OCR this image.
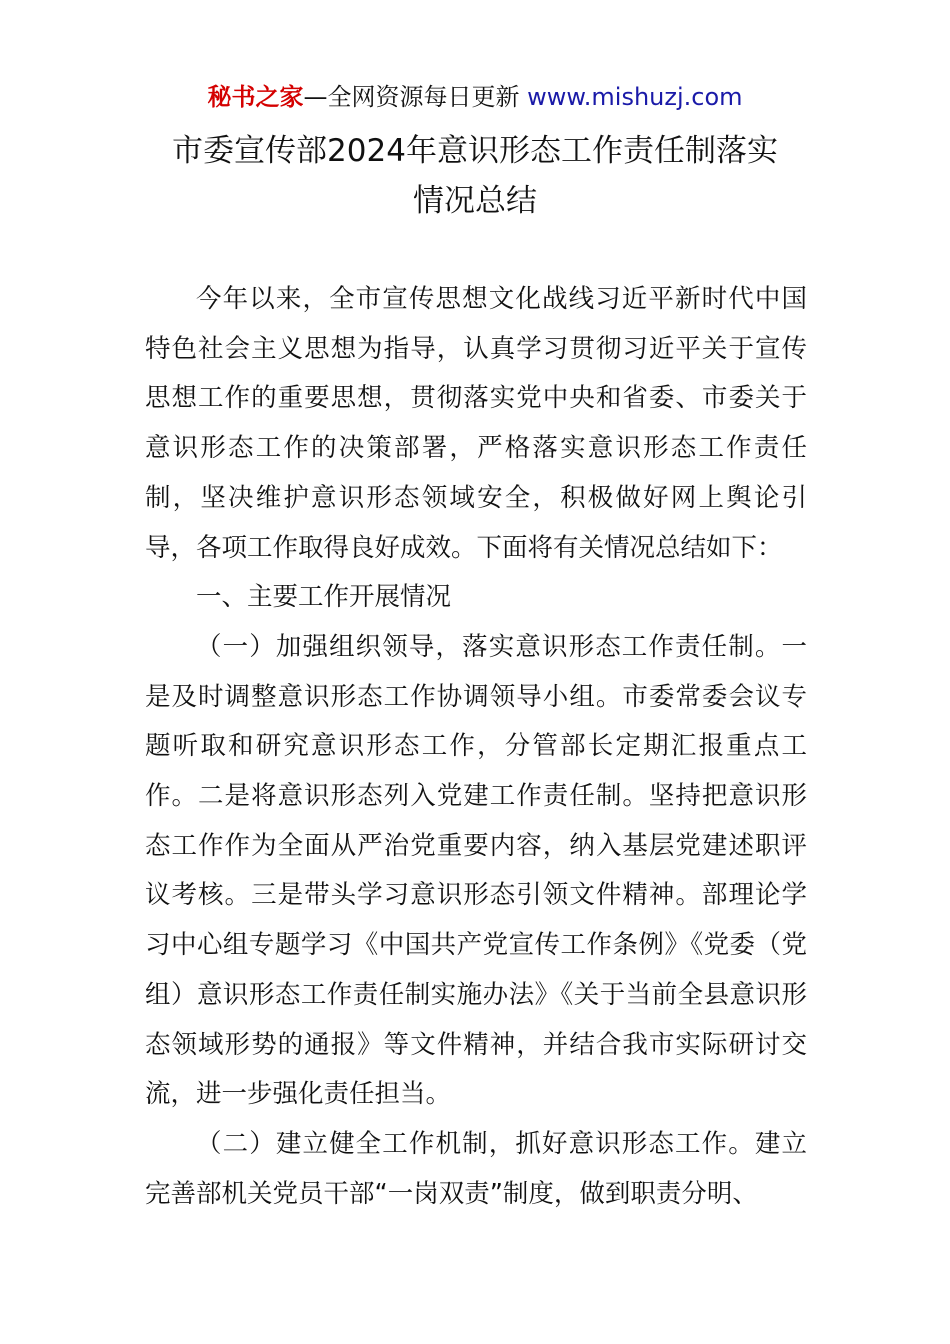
秘书之家—全网资源每日更新 www.mishuzj.com
市委宣传部2024年意识形态工作责任制落实
情况总结

今年以来，全市宣传思想文化战线习近平新时代中国特色社会主义思想为指导，认真学习贯彻习近平关于宣传思想工作的重要思想，贯彻落实党中央和省委、市委关于意识形态工作的决策部署，严格落实意识形态工作责任制，坚决维护意识形态领域安全，积极做好网上舆论引导，各项工作取得良好成效。下面将有关情况总结如下：

一、主要工作开展情况

（一）加强组织领导，落实意识形态工作责任制。一是及时调整意识形态工作协调领导小组。市委常委会议专题听取和研究意识形态工作，分管部长定期汇报重点工作。二是将意识形态列入党建工作责任制。坚持把意识形态工作作为全面从严治党重要内容，纳入基层党建述职评议考核。三是带头学习意识形态引领文件精神。部理论学习中心组专题学习《中国共产党宣传工作条例》《党委（党组）意识形态工作责任制实施办法》《关于当前全县意识形态领域形势的通报》等文件精神，并结合我市实际研讨交流，进一步强化责任担当。

（二）建立健全工作机制，抓好意识形态工作。建立完善部机关党员干部“一岗双责”制度，做到职责分明、
